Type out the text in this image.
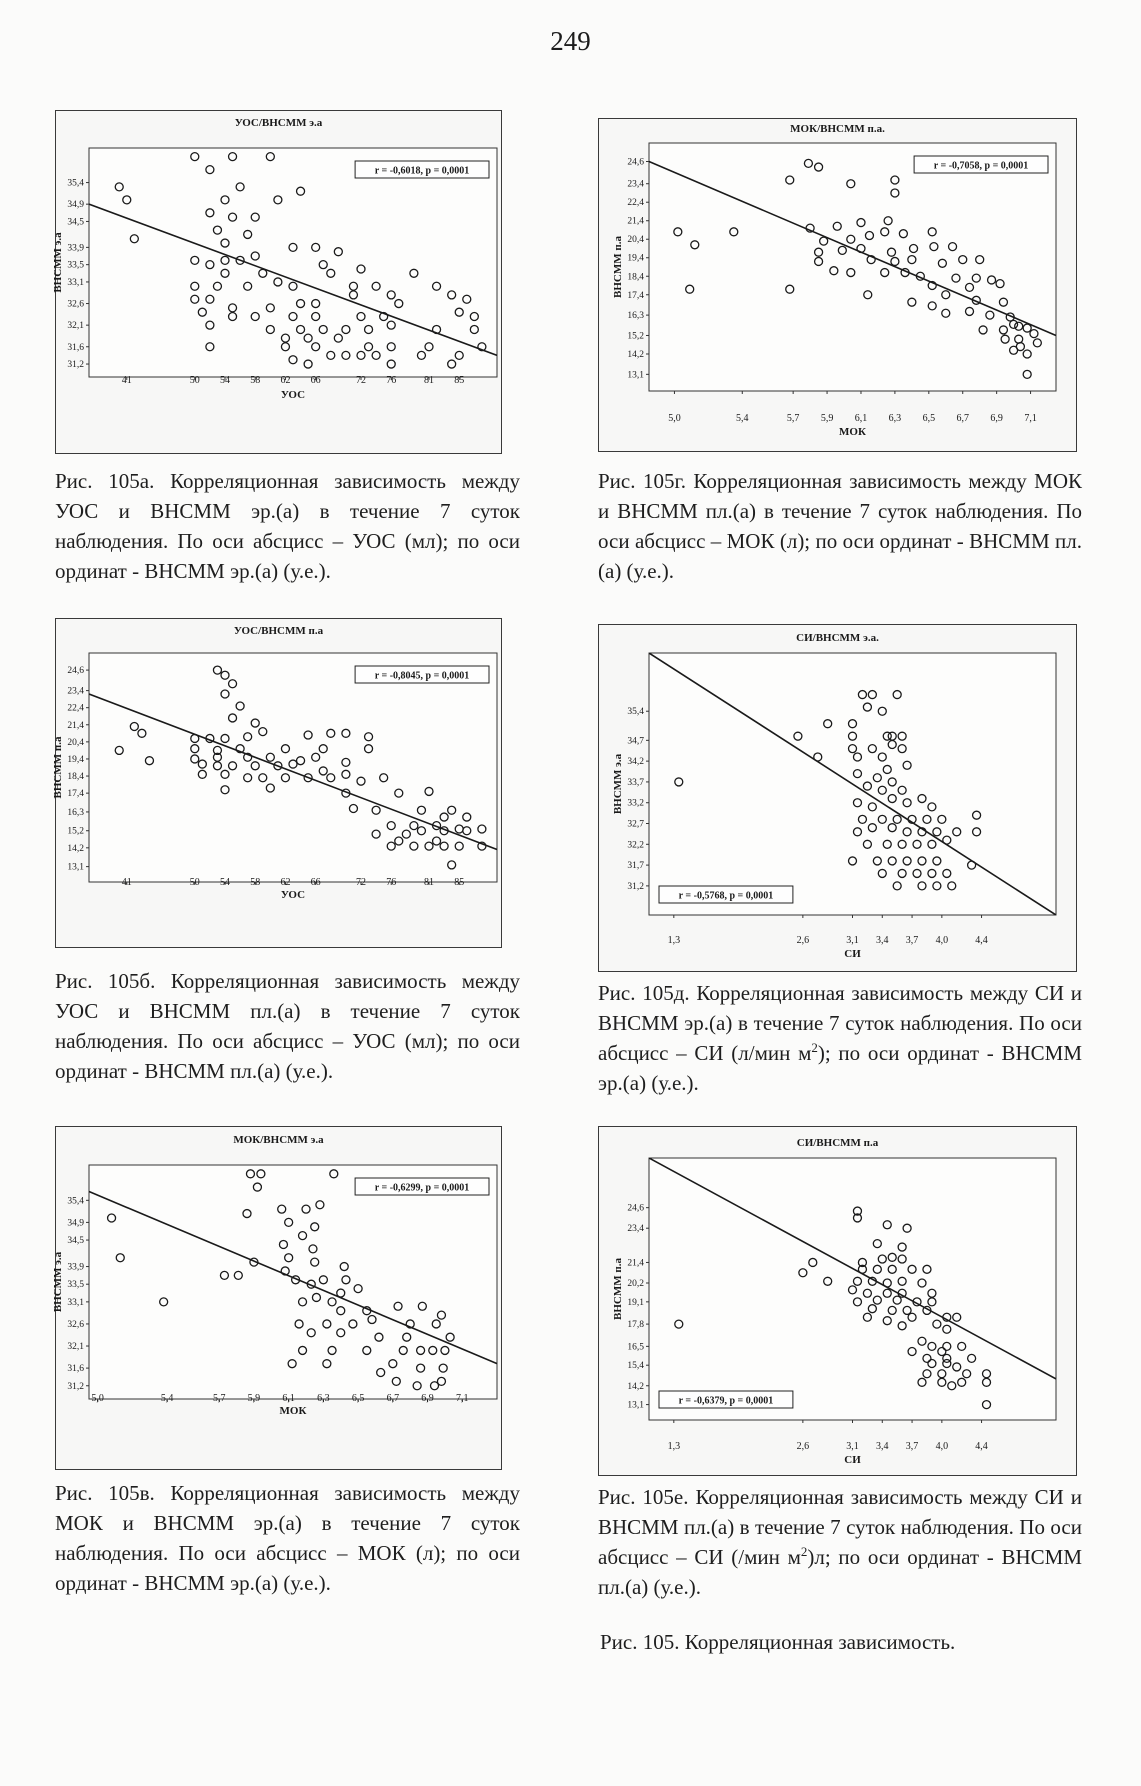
249
УОС/ВНСММ э.а
31,2
31,6
32,1
32,6
33,1
33,5
33,9
34,5
34,9
35,4
41	50 54 58 62 66	72 76	81 85
УОС
ВНСММ э.а
r = -0,6018, p = 0,0001
УОС/ВНСММ п.а
13,1
14,2
15,2
16,3
17,4
18,4
19,4
20,4
21,4
22,4
23,4
24,6
41	50 54 58 62 66	72 76	81 85
УОС
ВНСММ п.а
r = -0,8045, p = 0,0001
МОК/ВНСММ э.а
31,2
31,6
32,1
32,6
33,1
33,5
33,9
34,5
34,9
35,4
5,0	5,4	5,7 5,9 6,1 6,3 6,5 6,7 6,9 7,1
МОК
ВНСММ э.а
r = -0,6299, p = 0,0001
МОК/ВНСММ п.а.
13,1
14,2
15,2
16,3
17,4
18,4
19,4
20,4
21,4
22,4
23,4
24,6
5,0	5,4	5,7 5,9 6,1 6,3 6,5 6,7 6,9 7,1
МОК
ВНСММ п.а
r = -0,7058, p = 0,0001
СИ/ВНСММ э.а.
31,2
31,7
32,2
32,7
33,2
33,7
34,2
34,7
35,4
1,3	2,6	3,1 3,4 3,7 4,0	4,4
СИ
ВНСММ э.а
r = -0,5768, p = 0,0001
СИ/ВНСММ п.а
13,1
14,2
15,4
16,5
17,8
19,1
20,2
21,4
23,4
24,6
1,3	2,6	3,1 3,4 3,7 4,0	4,4
СИ
ВНСММ п.а
r = -0,6379, p = 0,0001

Рис. 105а. Корреляционная зависимость между УОС и ВНСММ эр.(а) в течение 7 суток наблюдения. По оси абсцисс – УОС (мл); по оси ординат - ВНСММ эр.(а) (у.е.).

Рис. 105б. Корреляционная зависимость между УОС и ВНСММ пл.(а) в течение 7 суток наблюдения. По оси абсцисс – УОС (мл); по оси ординат - ВНСММ пл.(а) (у.е.).

Рис. 105в. Корреляционная зависимость между МОК и ВНСММ эр.(а) в течение 7 суток наблюдения. По оси абсцисс – МОК (л); по оси ординат - ВНСММ эр.(а) (у.е.).

Рис. 105г. Корреляционная зависимость между МОК и ВНСММ пл.(а) в течение 7 суток наблюдения. По оси абсцисс – МОК (л); по оси ординат - ВНСММ пл.(а) (у.е.).

Рис. 105д. Корреляционная зависимость между СИ и ВНСММ эр.(а) в течение 7 суток наблюдения. По оси абсцисс – СИ (л/мин $м^2$); по оси ординат - ВНСММ эр.(а) (у.е.).

Рис. 105е. Корреляционная зависимость между СИ и ВНСММ пл.(а) в течение 7 суток наблюдения. По оси абсцисс – СИ (/мин $м^2)л$; по оси ординат - ВНСММ пл.(а) (у.е.).

Рис. 105. Корреляционная зависимость.
